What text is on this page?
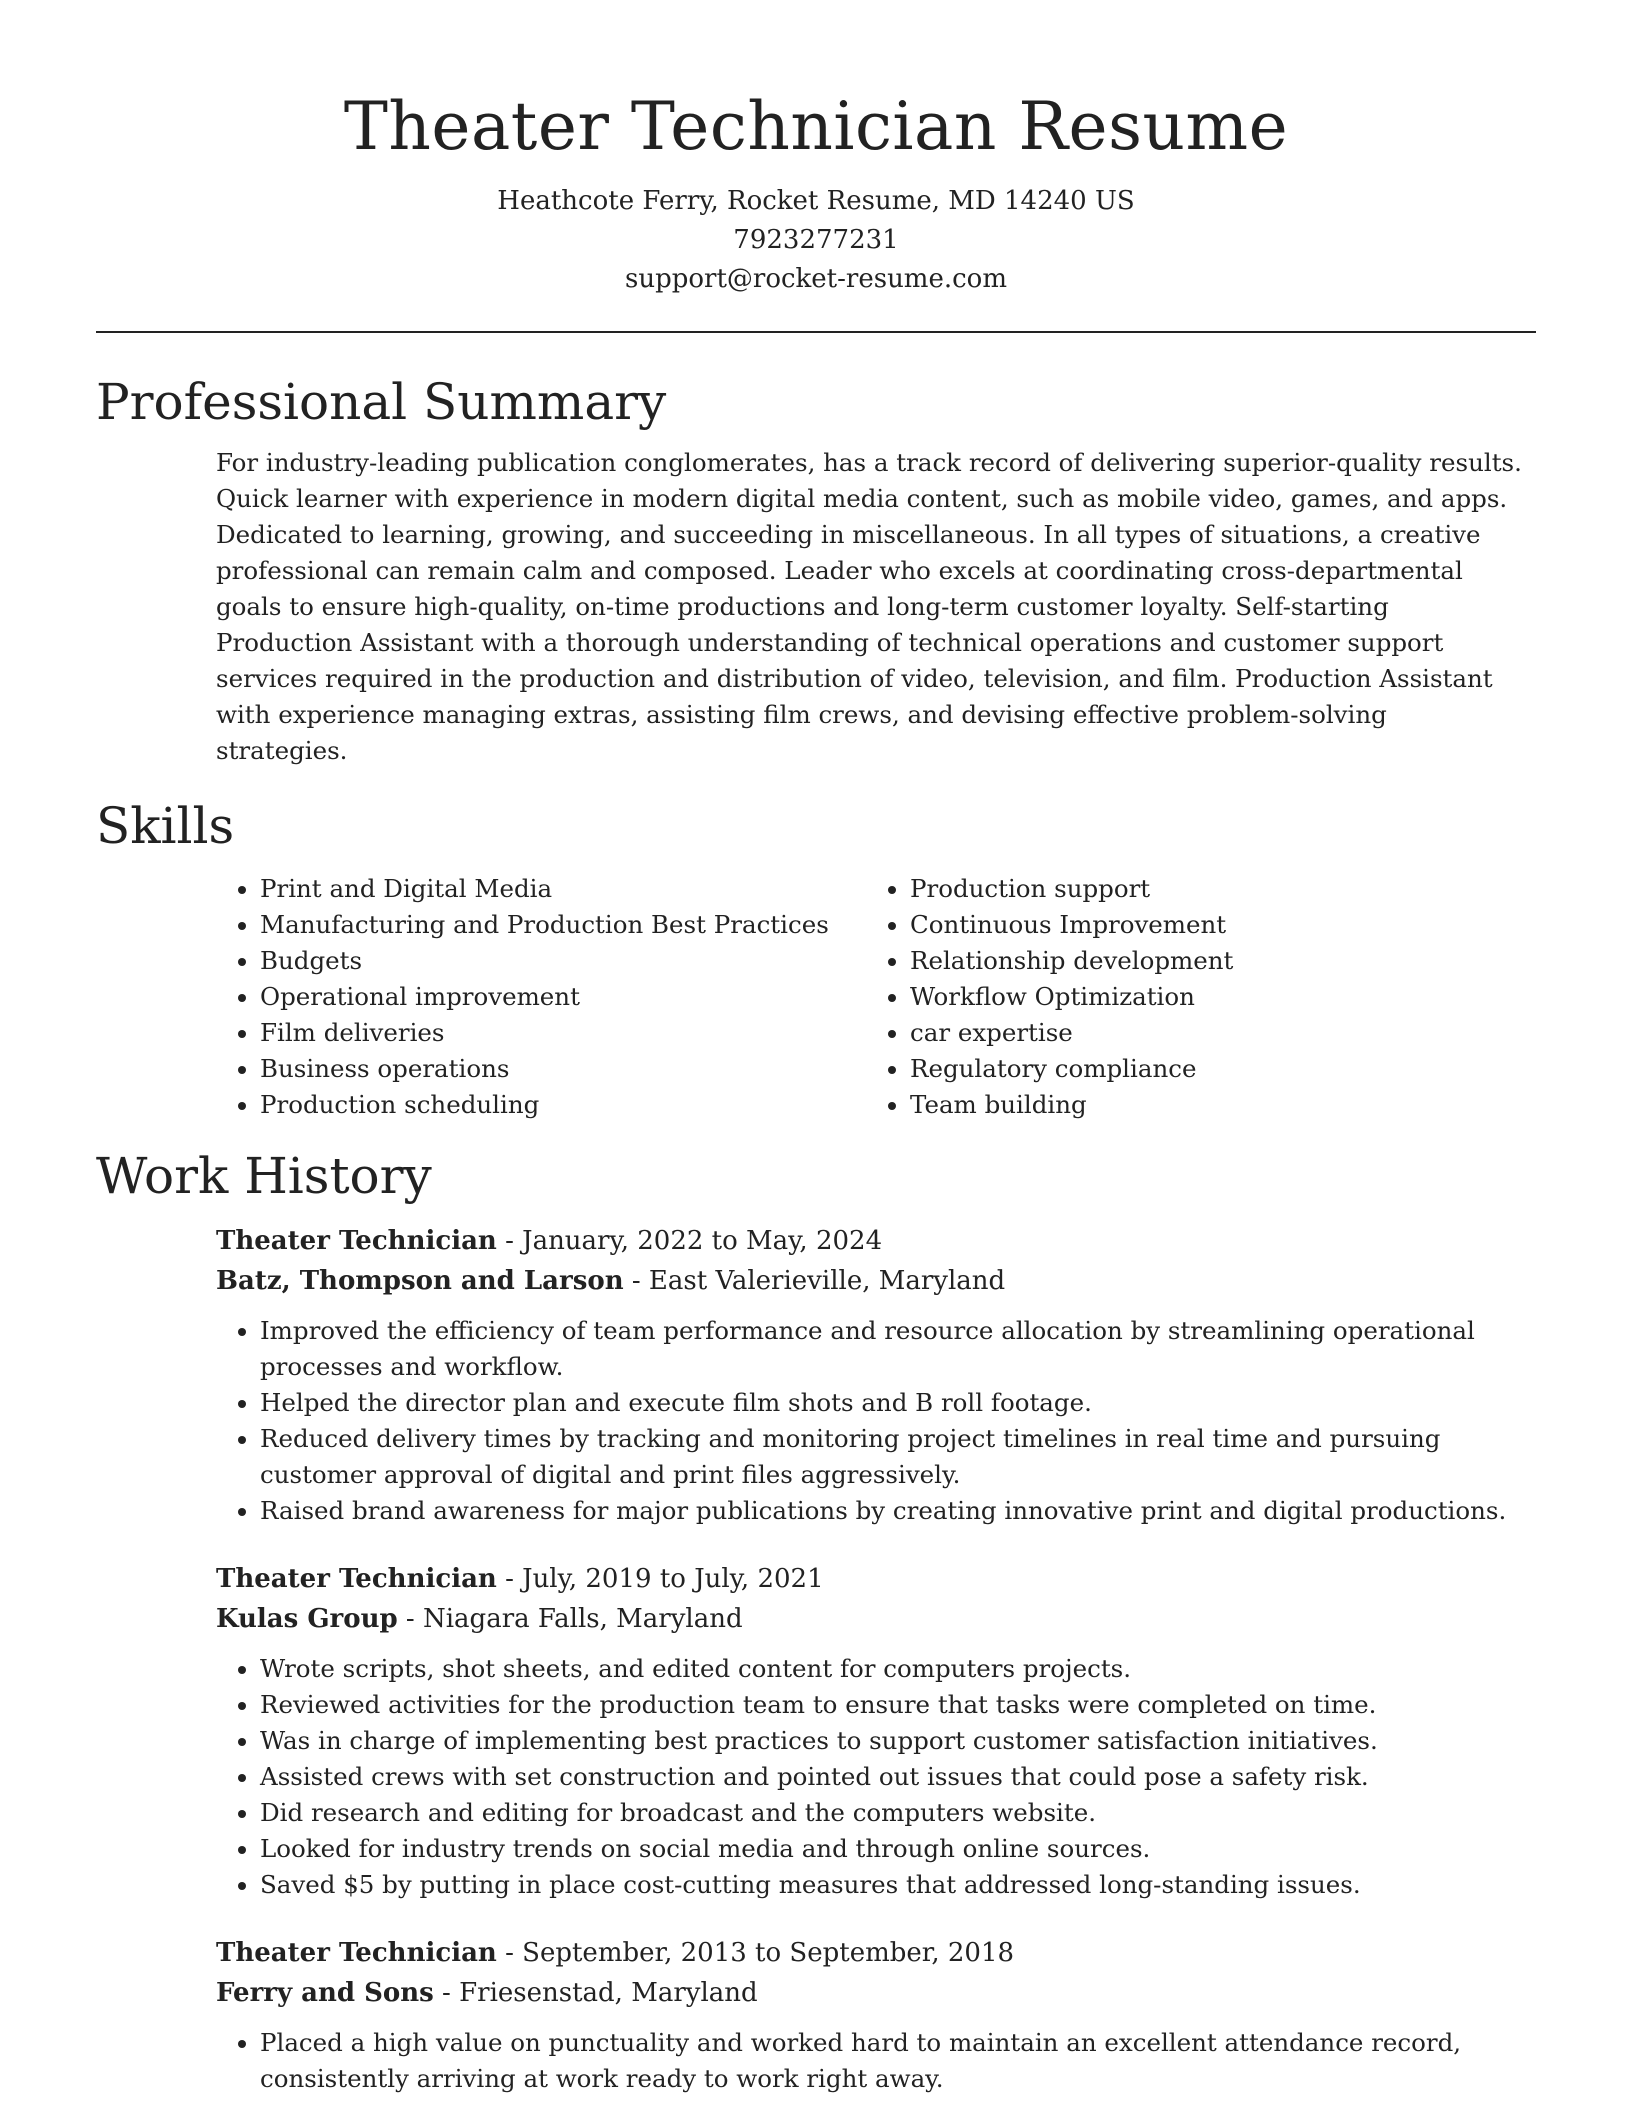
Theater Technician Resume
Heathcote Ferry, Rocket Resume, MD 14240 US
7923277231
support@rocket-resume.com
Professional Summary

For industry-leading publication conglomerates, has a track record of delivering superior-quality results. Quick learner with experience in modern digital media content, such as mobile video, games, and apps. Dedicated to learning, growing, and succeeding in miscellaneous. In all types of situations, a creative professional can remain calm and composed. Leader who excels at coordinating cross-departmental goals to ensure high-quality, on-time productions and long-term customer loyalty. Self-starting Production Assistant with a thorough understanding of technical operations and customer support services required in the production and distribution of video, television, and film. Production Assistant with experience managing extras, assisting film crews, and devising effective problem-solving strategies.

Skills
• Print and Digital Media
• Manufacturing and Production Best Practices
• Budgets
• Operational improvement
• Film deliveries
• Business operations
• Production scheduling
• Production support
• Continuous Improvement
• Relationship development
• Workflow Optimization
• car expertise
• Regulatory compliance
• Team building
Work History
Theater Technician - January, 2022 to May, 2024
Batz, Thompson and Larson - East Valerieville, Maryland
• Improved the efficiency of team performance and resource allocation by streamlining operational processes and workflow.
• Helped the director plan and execute film shots and B roll footage.
• Reduced delivery times by tracking and monitoring project timelines in real time and pursuing customer approval of digital and print files aggressively.
• Raised brand awareness for major publications by creating innovative print and digital productions.
Theater Technician - July, 2019 to July, 2021
Kulas Group - Niagara Falls, Maryland
• Wrote scripts, shot sheets, and edited content for computers projects.
• Reviewed activities for the production team to ensure that tasks were completed on time.
• Was in charge of implementing best practices to support customer satisfaction initiatives.
• Assisted crews with set construction and pointed out issues that could pose a safety risk.
• Did research and editing for broadcast and the computers website.
• Looked for industry trends on social media and through online sources.
• Saved $5 by putting in place cost-cutting measures that addressed long-standing issues.
Theater Technician - September, 2013 to September, 2018
Ferry and Sons - Friesenstad, Maryland
• Placed a high value on punctuality and worked hard to maintain an excellent attendance record, consistently arriving at work ready to work right away.
